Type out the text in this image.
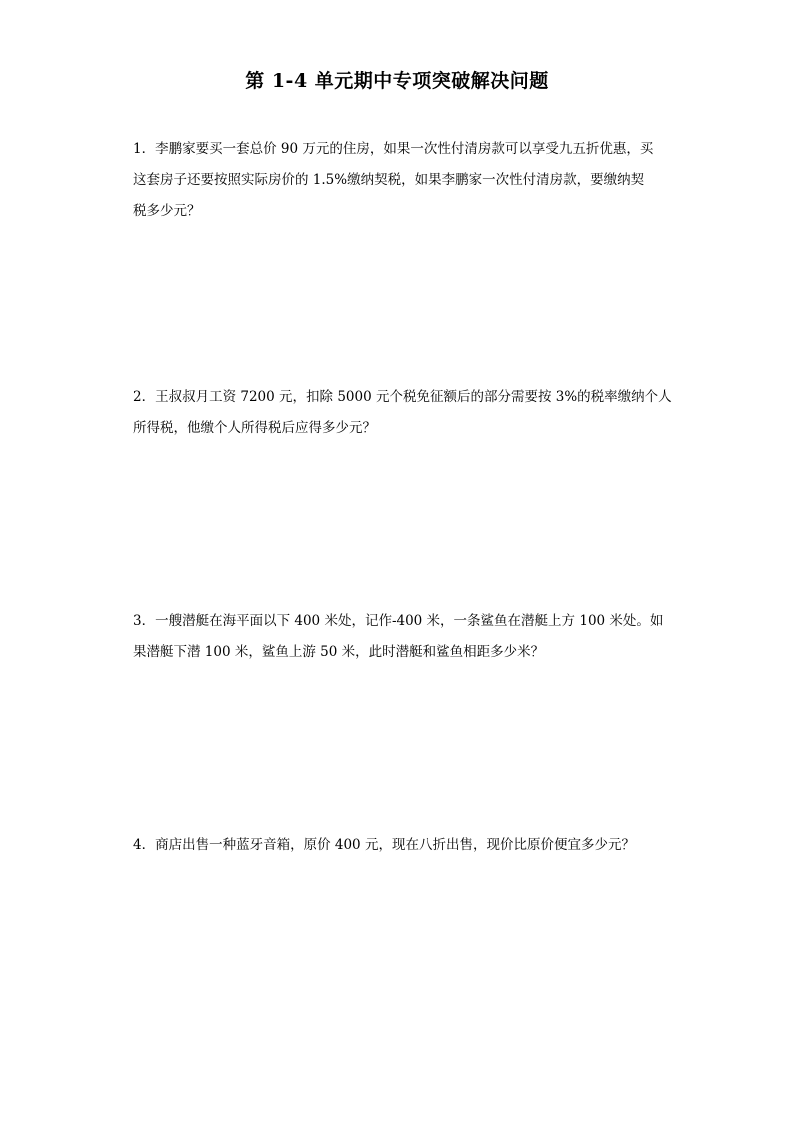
第 1-4 单元期中专项突破解决问题
1．李鹏家要买一套总价 90 万元的住房，如果一次性付清房款可以享受九五折优惠，买
这套房子还要按照实际房价的 1.5%缴纳契税，如果李鹏家一次性付清房款，要缴纳契
税多少元？
2．王叔叔月工资 7200 元，扣除 5000 元个税免征额后的部分需要按 3%的税率缴纳个人
所得税，他缴个人所得税后应得多少元？
3．一艘潜艇在海平面以下 400 米处，记作-400 米，一条鲨鱼在潜艇上方 100 米处。如
果潜艇下潜 100 米，鲨鱼上游 50 米，此时潜艇和鲨鱼相距多少米？
4．商店出售一种蓝牙音箱，原价 400 元，现在八折出售，现价比原价便宜多少元？
